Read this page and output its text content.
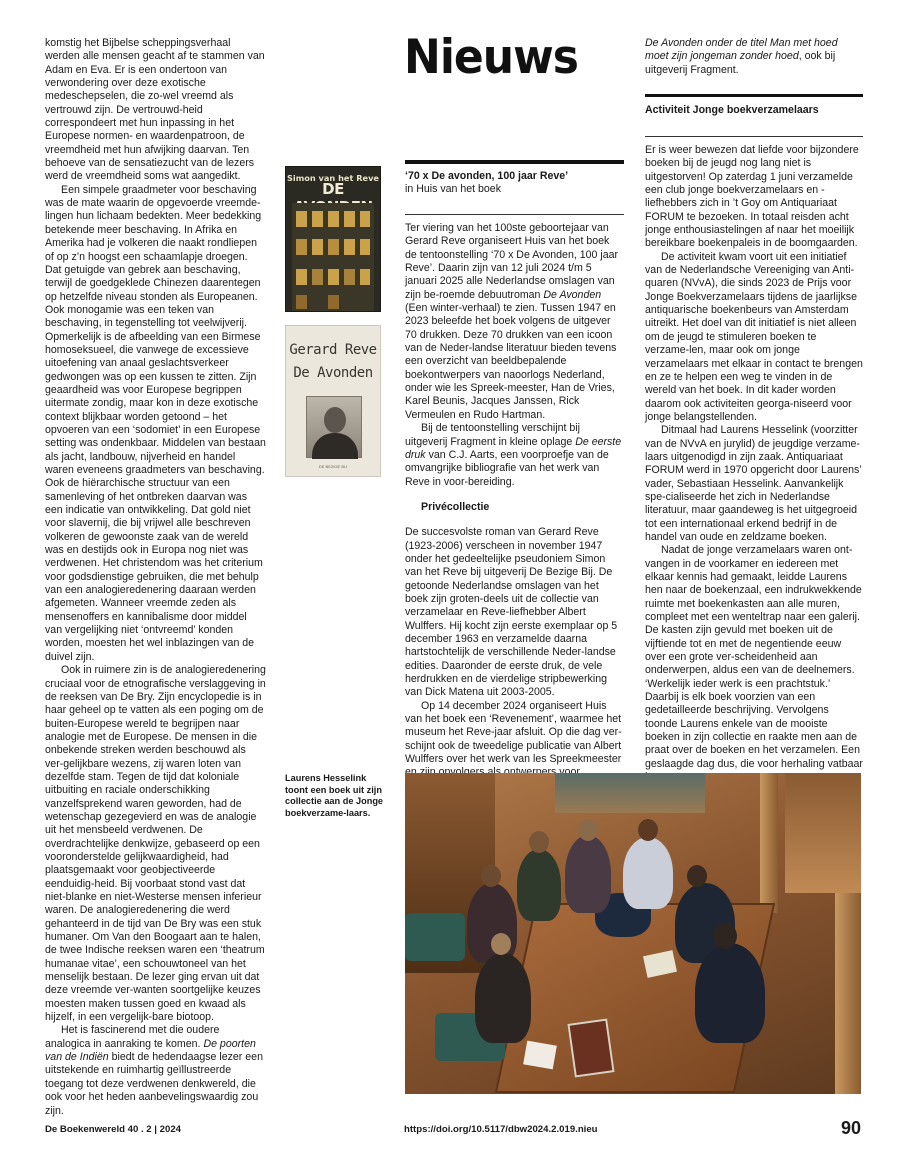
komstig het Bijbelse scheppingsverhaal werden alle mensen geacht af te stammen van Adam en Eva. Er is een ondertoon van verwondering over deze exotische medeschepselen, die zo-wel vreemd als vertrouwd zijn. De vertrouwd-heid correspondeert met hun inpassing in het Europese normen- en waardenpatroon, de vreemdheid met hun afwijking daarvan. Ten behoeve van de sensatiezucht van de lezers werd de vreemdheid soms wat aangedikt.

Een simpele graadmeter voor beschaving was de mate waarin de opgevoerde vreemde-lingen hun lichaam bedekten. Meer bedekking betekende meer beschaving. In Afrika en Amerika had je volkeren die naakt rondliepen of op z’n hoogst een schaamlapje droegen. Dat getuigde van gebrek aan beschaving, terwijl de goedgeklede Chinezen daarentegen op hetzelfde niveau stonden als Europeanen. Ook monogamie was een teken van beschaving, in tegenstelling tot veelwijverij. Opmerkelijk is de afbeelding van een Birmese homoseksueel, die vanwege de excessieve uitoefening van anaal geslachtsverkeer gedwongen was op een kussen te zitten. Zijn geaardheid was voor Europese begrippen uitermate zondig, maar kon in deze exotische context blijkbaar worden getoond – het opvoeren van een ‘sodomiet’ in een Europese setting was ondenkbaar. Middelen van bestaan als jacht, landbouw, nijverheid en handel waren eveneens graadmeters van beschaving. Ook de hiërarchische structuur van een samenleving of het ontbreken daarvan was een indicatie van ontwikkeling. Dat gold niet voor slavernij, die bij vrijwel alle beschreven volkeren de gewoonste zaak van de wereld was en destijds ook in Europa nog niet was verdwenen. Het christendom was het criterium voor godsdienstige gebruiken, die met behulp van een analogieredenering daaraan werden afgemeten. Wanneer vreemde zeden als mensenoffers en kannibalisme door middel van vergelijking niet ‘ontvreemd’ konden worden, moesten het wel inblazingen van de duivel zijn.

Ook in ruimere zin is de analogieredenering cruciaal voor de etnografische verslaggeving in de reeksen van De Bry. Zijn encyclopedie is in haar geheel op te vatten als een poging om de buiten-Europese wereld te begrijpen naar analogie met de Europese. De mensen in die onbekende streken werden beschouwd als ver-gelijkbare wezens, zij waren loten van dezelfde stam. Tegen de tijd dat koloniale uitbuiting en raciale onderschikking vanzelfsprekend waren geworden, had de wetenschap gezegevierd en was de analogie uit het mensbeeld verdwenen. De overdrachtelijke denkwijze, gebaseerd op een vooronderstelde gelijkwaardigheid, had plaatsgemaakt voor geobjectiveerde eenduidig-heid. Bij voorbaat stond vast dat niet-blanke en niet-Westerse mensen inferieur waren. De analogieredenering die werd gehanteerd in de tijd van De Bry was een stuk humaner. Om Van den Boogaart aan te halen, de twee Indische reeksen waren een ‘theatrum humanae vitae’, een schouwtoneel van het menselijk bestaan. De lezer ging ervan uit dat deze vreemde ver-wanten soortgelijke keuzes moesten maken tussen goed en kwaad als hijzelf, in een vergelijk-bare biotoop.

Het is fascinerend met die oudere analogica in aanraking te komen. De poorten van de Indiën biedt de hedendaagse lezer een uitstekende en ruimhartig geïllustreerde toegang tot deze verdwenen denkwereld, die ook voor het heden aanbevelingswaardig zou zijn.

Nieuws
Simon van het Reve
DE
Gerard Reve
De Avonden
DE BEZIGE BIJ
‘70 x De avonden, 100 jaar Reve’
in Huis van het boek

Ter viering van het 100ste geboortejaar van Gerard Reve organiseert Huis van het boek de tentoonstelling ‘70 x De Avonden, 100 jaar Reve’. Daarin zijn van 12 juli 2024 t/m 5 januari 2025 alle Nederlandse omslagen van zijn be-roemde debuutroman De Avonden (Een winter-verhaal) te zien. Tussen 1947 en 2023 beleefde het boek volgens de uitgever 70 drukken. Deze 70 drukken van een icoon van de Neder-landse literatuur bieden tevens een overzicht van beeldbepalende boekontwerpers van naoorlogs Nederland, onder wie les Spreek-meester, Han de Vries, Karel Beunis, Jacques Janssen, Rick Vermeulen en Rudo Hartman.

Bij de tentoonstelling verschijnt bij uitgeverij Fragment in kleine oplage De eerste druk van C.J. Aarts, een voorproefje van de omvangrijke bibliografie van het werk van Reve in voor-bereiding.

Privécollectie

De succesvolste roman van Gerard Reve (1923-2006) verscheen in november 1947 onder het gedeeltelijke pseudoniem Simon van het Reve bij uitgeverij De Bezige Bij. De getoonde Nederlandse omslagen van het boek zijn groten-deels uit de collectie van verzamelaar en Reve-liefhebber Albert Wulffers. Hij kocht zijn eerste exemplaar op 5 december 1963 en verzamelde daarna hartstochtelijk de verschillende Neder-landse edities. Daaronder de eerste druk, de vele herdrukken en de vierdelige stripbewerking van Dick Matena uit 2003-2005.

Op 14 december 2024 organiseert Huis van het boek een ‘Revenement’, waarmee het museum het Reve-jaar afsluit. Op die dag ver-schijnt ook de tweedelige publicatie van Albert Wulffers over het werk van les Spreekmeester

De Avonden onder de titel Man met hoed moet zijn jongeman zonder hoed, ook bij uitgeverij Fragment.

Activiteit Jonge boekverzamelaars

Er is weer bewezen dat liefde voor bijzondere boeken bij de jeugd nog lang niet is uitgestorven! Op zaterdag 1 juni verzamelde een club jonge boekverzamelaars en -liefhebbers zich in ’t Goy om Antiquariaat FORUM te bezoeken. In totaal reisden acht jonge enthousiastelingen af naar het moeilijk bereikbare boekenpaleis in de boomgaarden.

De activiteit kwam voort uit een initiatief van de Nederlandsche Vereeniging van Anti-quaren (NVvA), die sinds 2023 de Prijs voor Jonge Boekverzamelaars tijdens de jaarlijkse antiquarische boekenbeurs van Amsterdam uitreikt. Het doel van dit initiatief is niet alleen om de jeugd te stimuleren boeken te verzame-len, maar ook om jonge verzamelaars met elkaar in contact te brengen en ze te helpen een weg te vinden in de wereld van het boek. In dit kader worden daarom ook activiteiten georga-niseerd voor jonge belangstellenden.

Ditmaal had Laurens Hesselink (voorzitter van de NVvA en jurylid) de jeugdige verzame-laars uitgenodigd in zijn zaak. Antiquariaat FORUM werd in 1970 opgericht door Laurens’ vader, Sebastiaan Hesselink. Aanvankelijk spe-cialiseerde het zich in Nederlandse literatuur, maar gaandeweg is het uitgegroeid tot een internationaal erkend bedrijf in de handel van oude en zeldzame boeken.

Nadat de jonge verzamelaars waren ont-vangen in de voorkamer en iedereen met elkaar kennis had gemaakt, leidde Laurens hen naar de boekenzaal, een indrukwekkende ruimte met boekenkasten aan alle muren, compleet met een wenteltrap naar een galerij. De kasten zijn gevuld met boeken uit de vijftiende tot en met de negentiende eeuw over een grote ver-scheidenheid aan onderwerpen, aldus een van de deelnemers. ‘Werkelijk ieder werk is een prachtstuk.’ Daarbij is elk boek voorzien van een gedetailleerde beschrijving. Vervolgens toonde Laurens enkele van de mooiste boeken in zijn collectie en raakte men aan de praat over de boeken en het verzamelen. Een geslaagde dag dus, die voor herhaling vatbaar

Laurens Hesselink toont een boek uit zijn collectie aan de Jonge boekverzame-laars.
De Boekenwereld 40 . 2 | 2024	https://doi.org/10.5117/dbw2024.2.019.nieu	90
